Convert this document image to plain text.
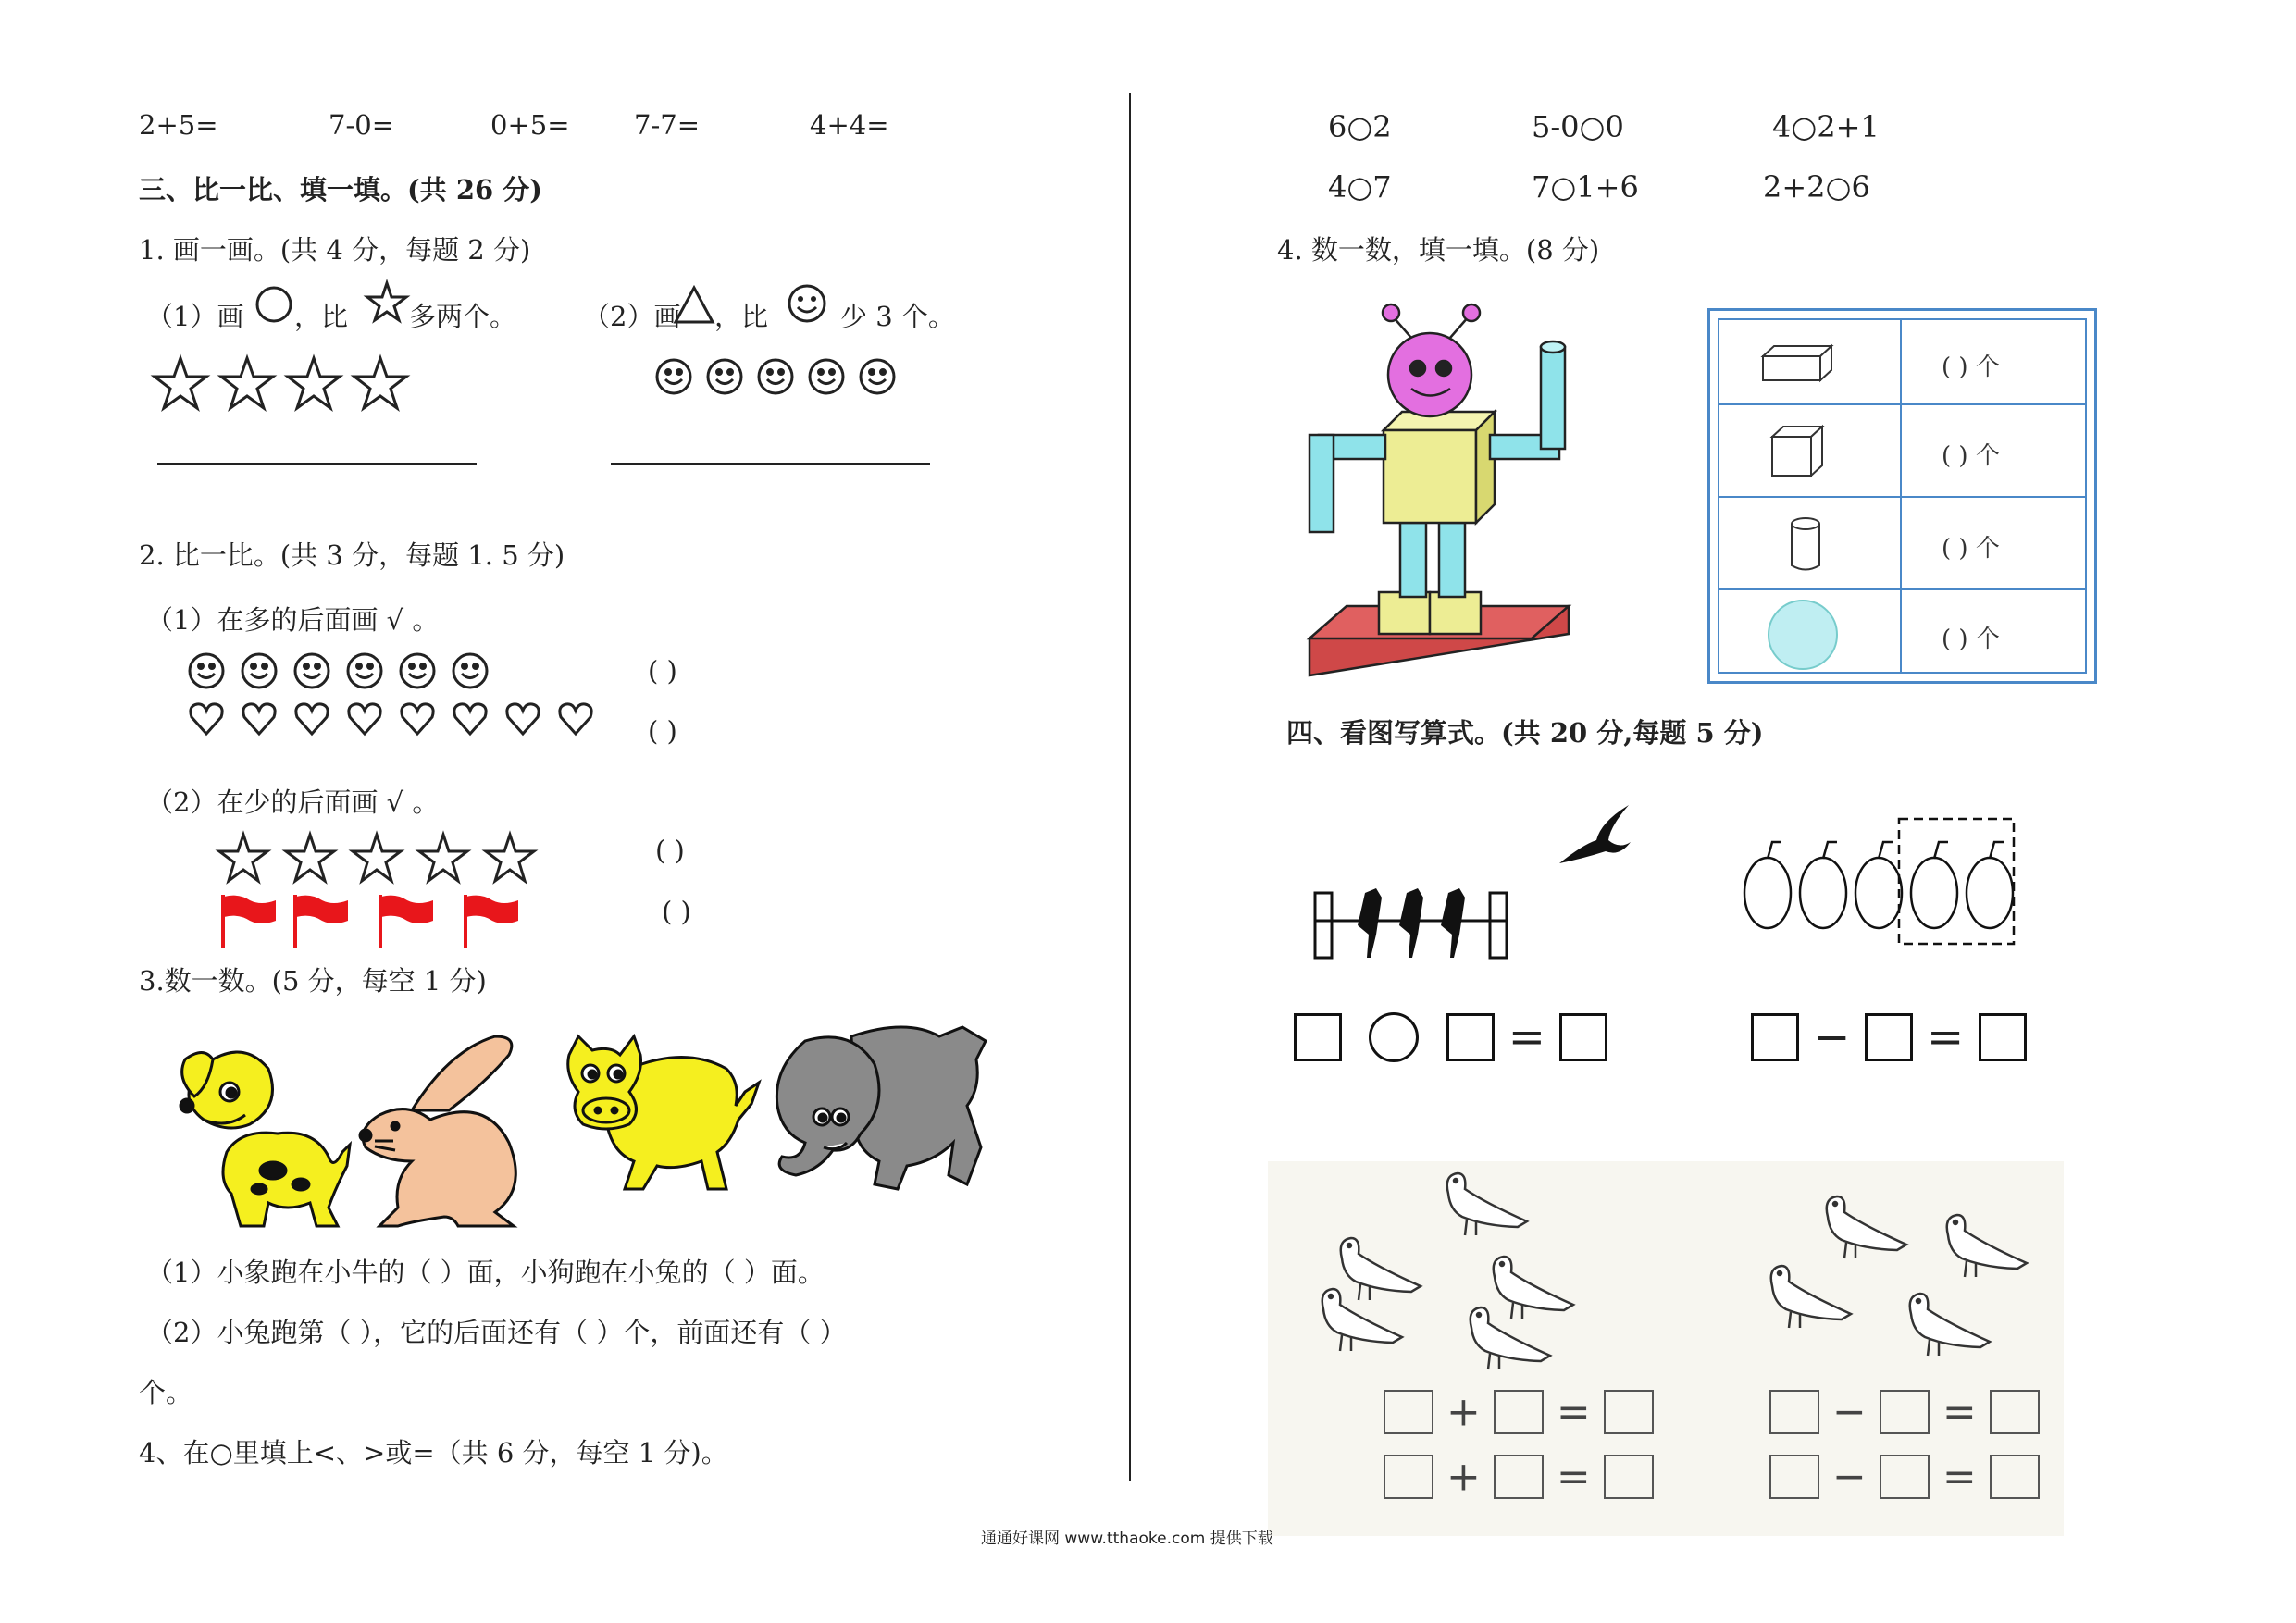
2+5=	7-0=	0+5= 7-7=	4+4=
三、比一比、填一填。(共 26 分)
1. 画一画。(共 4 分，每题 2 分)
（1）画 ，比 多两个。 （2）画 ，比	少 3 个。
2. 比一比。(共 3 分，每题 1. 5 分)
（1）在多的后面画 √ 。
( )
( )
（2）在少的后面画 √ 。
( )
( )
3.数一数。(5 分，每空 1 分)
（1）小象跑在小牛的（ ）面，小狗跑在小兔的（ ）面。
（2）小兔跑第（ ），它的后面还有（ ）个，前面还有（ ）
个。
4、在○里填上<、>或=（共 6 分，每空 1 分)。
6○2	5-0○0	4○2+1
4○7	7○1+6	2+2○6
4. 数一数，填一填。(8 分)
( ) 个
( ) 个
( ) 个
( ) 个
四、看图写算式。(共 20 分,每题 5 分)
=	− =
+ =
+ =
− =
− =
通通好课网 www.tthaoke.com 提供下载
